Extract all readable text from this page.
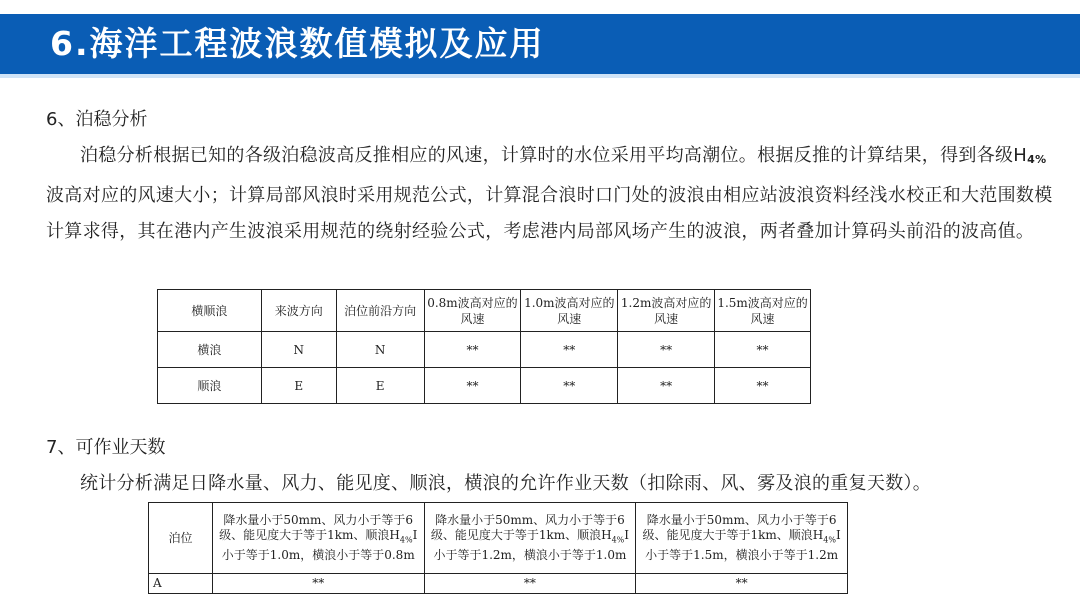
6.海洋工程波浪数值模拟及应用
6、泊稳分析
泊稳分析根据已知的各级泊稳波高反推相应的风速，计算时的水位采用平均高潮位。根据反推的计算结果，得到各级$H_{4\%}$波高对应的风速大小；计算局部风浪时采用规范公式，计算混合浪时口门处的波浪由相应站波浪资料经浅水校正和大范围数模计算求得，其在港内产生波浪采用规范的绕射经验公式，考虑港内局部风场产生的波浪，两者叠加计算码头前沿的波高值。
横顺浪	来波方向	泊位前沿方向	0.8m波高对应的风速	1.0m波高对应的风速	1.2m波高对应的风速	1.5m波高对应的风速
横浪	N	N	**	**	**	**
顺浪	E	E	**	**	**	**
7、可作业天数
统计分析满足日降水量、风力、能见度、顺浪，横浪的允许作业天数（扣除雨、风、雾及浪的重复天数）。
泊位	降水量小于50mm、风力小于等于6级、能见度大于等于1km、顺浪$H_{4\%}I$小于等于1.0m，横浪小于等于0.8m	降水量小于50mm、风力小于等于6级、能见度大于等于1km、顺浪$H_{4\%}I$小于等于1.2m，横浪小于等于1.0m	降水量小于50mm、风力小于等于6级、能见度大于等于1km、顺浪$H_{4\%}I$小于等于1.5m，横浪小于等于1.2m
A	**	**	**
